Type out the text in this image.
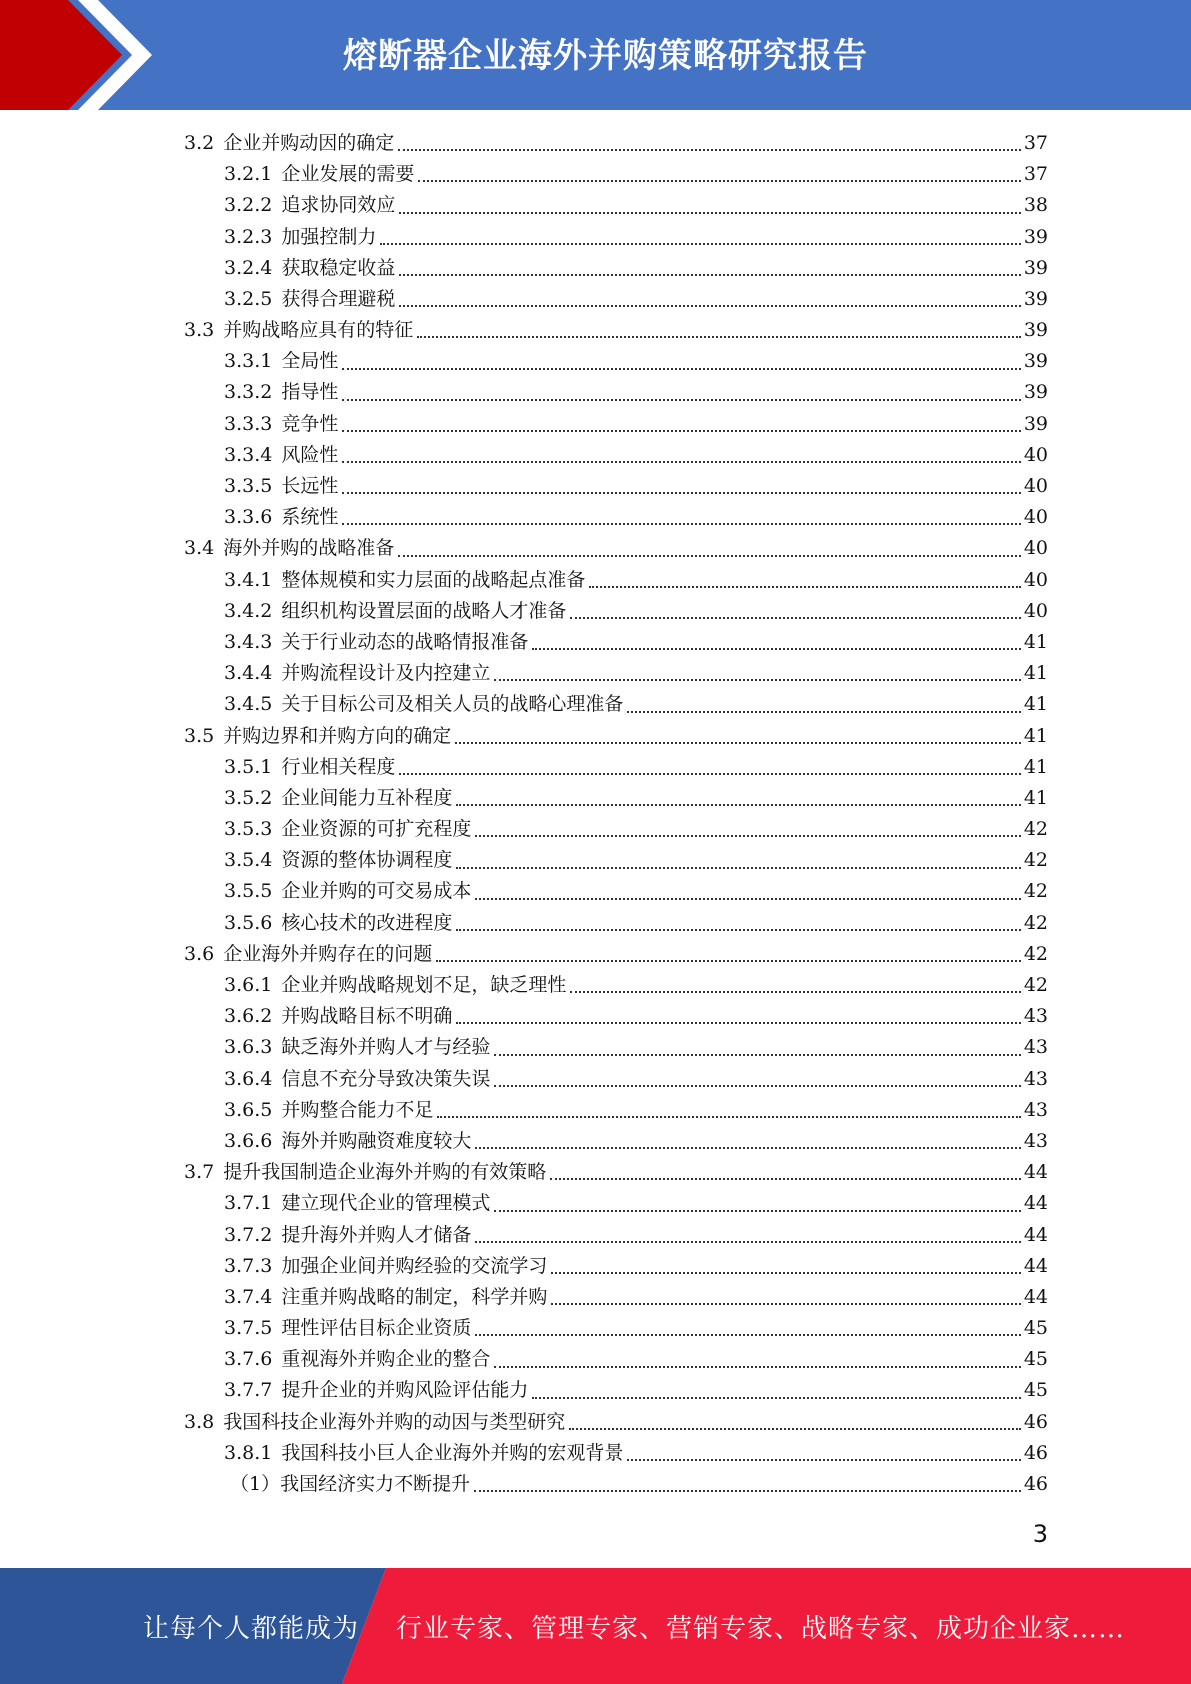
熔断器企业海外并购策略研究报告
3.2 企业并购动因的确定	37
3.2.1 企业发展的需要	37
3.2.2 追求协同效应	38
3.2.3 加强控制力	39
3.2.4 获取稳定收益	39
3.2.5 获得合理避税	39
3.3 并购战略应具有的特征	39
3.3.1 全局性	39
3.3.2 指导性	39
3.3.3 竞争性	39
3.3.4 风险性	40
3.3.5 长远性	40
3.3.6 系统性	40
3.4 海外并购的战略准备	40
3.4.1 整体规模和实力层面的战略起点准备	40
3.4.2 组织机构设置层面的战略人才准备	40
3.4.3 关于行业动态的战略情报准备	41
3.4.4 并购流程设计及内控建立	41
3.4.5 关于目标公司及相关人员的战略心理准备	41
3.5 并购边界和并购方向的确定	41
3.5.1 行业相关程度	41
3.5.2 企业间能力互补程度	41
3.5.3 企业资源的可扩充程度	42
3.5.4 资源的整体协调程度	42
3.5.5 企业并购的可交易成本	42
3.5.6 核心技术的改进程度	42
3.6 企业海外并购存在的问题	42
3.6.1 企业并购战略规划不足，缺乏理性	42
3.6.2 并购战略目标不明确	43
3.6.3 缺乏海外并购人才与经验	43
3.6.4 信息不充分导致决策失误	43
3.6.5 并购整合能力不足	43
3.6.6 海外并购融资难度较大	43
3.7 提升我国制造企业海外并购的有效策略	44
3.7.1 建立现代企业的管理模式	44
3.7.2 提升海外并购人才储备	44
3.7.3 加强企业间并购经验的交流学习	44
3.7.4 注重并购战略的制定，科学并购	44
3.7.5 理性评估目标企业资质	45
3.7.6 重视海外并购企业的整合	45
3.7.7 提升企业的并购风险评估能力	45
3.8 我国科技企业海外并购的动因与类型研究	46
3.8.1 我国科技小巨人企业海外并购的宏观背景	46
（1） 我国经济实力不断提升	46
3
让每个人都能成为 行业专家、管理专家、营销专家、战略专家、成功企业家……
